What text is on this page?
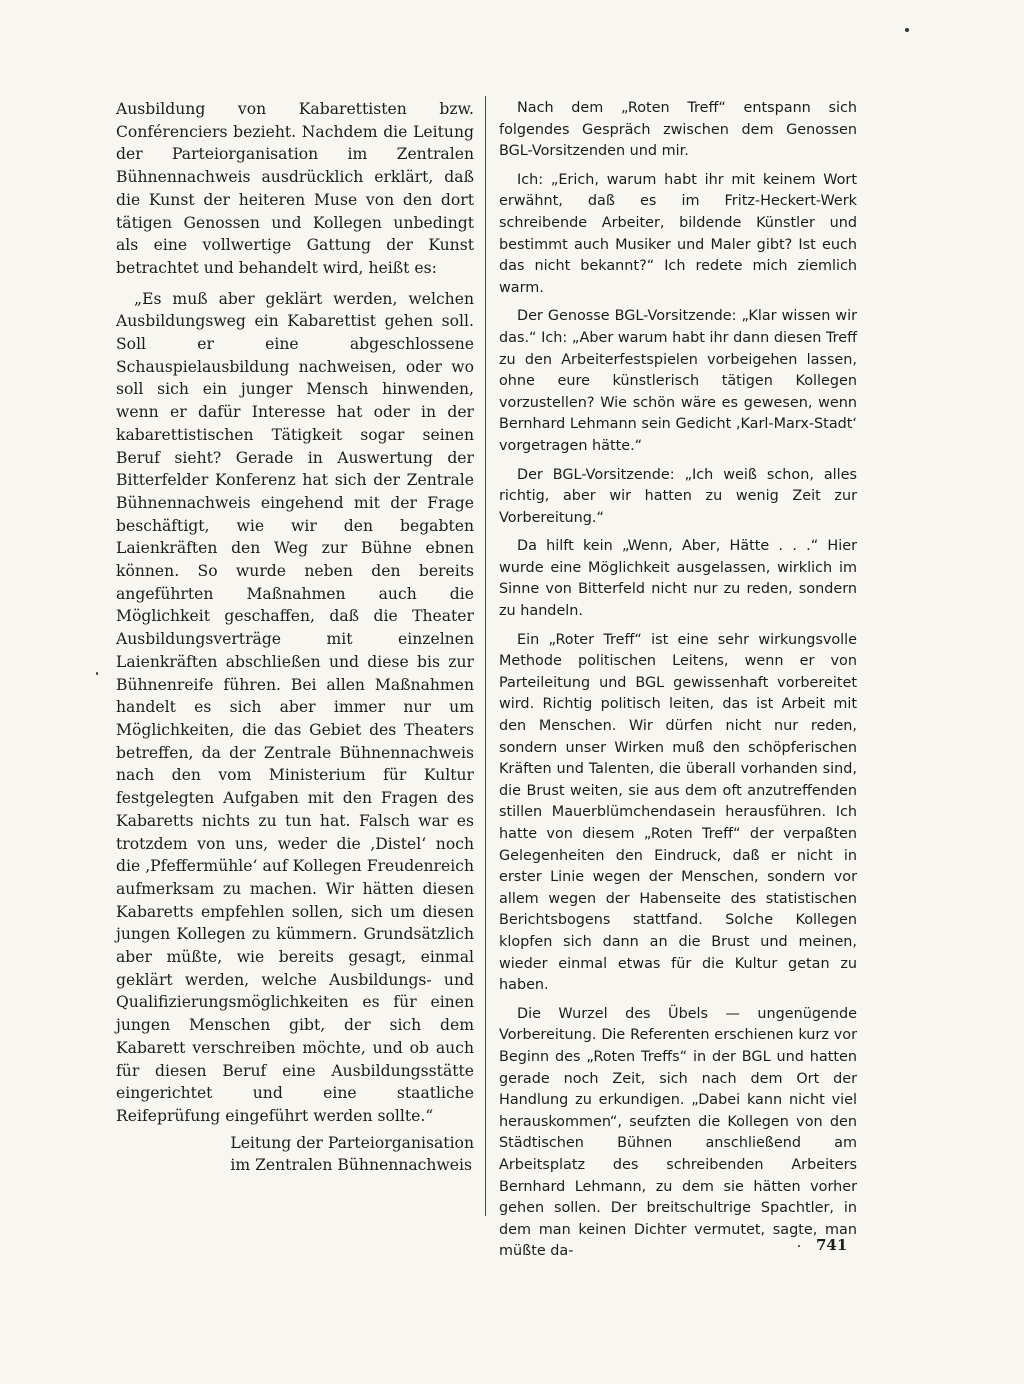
Ausbildung von Kabarettisten bzw. Conférenciers bezieht. Nachdem die Leitung der Parteiorganisation im Zentralen Bühnennachweis ausdrücklich erklärt, daß die Kunst der heiteren Muse von den dort tätigen Genossen und Kollegen unbedingt als eine vollwertige Gattung der Kunst betrachtet und behandelt wird, heißt es:

„Es muß aber geklärt werden, welchen Ausbildungsweg ein Kabarettist gehen soll. Soll er eine abgeschlossene Schauspielausbildung nachweisen, oder wo soll sich ein junger Mensch hinwenden, wenn er dafür Interesse hat oder in der kabarettistischen Tätigkeit sogar seinen Beruf sieht? Gerade in Auswertung der Bitterfelder Konferenz hat sich der Zentrale Bühnennachweis eingehend mit der Frage beschäftigt, wie wir den begabten Laienkräften den Weg zur Bühne ebnen können. So wurde neben den bereits angeführten Maßnahmen auch die Möglichkeit geschaffen, daß die Theater Ausbildungsverträge mit einzelnen Laienkräften abschließen und diese bis zur Bühnenreife führen. Bei allen Maßnahmen handelt es sich aber immer nur um Möglichkeiten, die das Gebiet des Theaters betreffen, da der Zentrale Bühnennachweis nach den vom Ministerium für Kultur festgelegten Aufgaben mit den Fragen des Kabaretts nichts zu tun hat. Falsch war es trotzdem von uns, weder die ‚Distel‘ noch die ‚Pfeffermühle‘ auf Kollegen Freudenreich aufmerksam zu machen. Wir hätten diesen Kabaretts empfehlen sollen, sich um diesen jungen Kollegen zu kümmern. Grundsätzlich aber müßte, wie bereits gesagt, einmal geklärt werden, welche Ausbildungs- und Qualifizierungsmöglichkeiten es für einen jungen Menschen gibt, der sich dem Kabarett verschreiben möchte, und ob auch für diesen Beruf eine Ausbildungsstätte eingerichtet und eine staatliche Reifeprüfung eingeführt werden sollte.“

Leitung der Parteiorganisation
im Zentralen Bühnennachweis

Nach dem „Roten Treff“ entspann sich folgendes Gespräch zwischen dem Genossen BGL-Vorsitzenden und mir.

Ich: „Erich, warum habt ihr mit keinem Wort erwähnt, daß es im Fritz-Heckert-Werk schreibende Arbeiter, bildende Künstler und bestimmt auch Musiker und Maler gibt? Ist euch das nicht bekannt?“ Ich redete mich ziemlich warm.

Der Genosse BGL-Vorsitzende: „Klar wissen wir das.“ Ich: „Aber warum habt ihr dann diesen Treff zu den Arbeiterfestspielen vorbeigehen lassen, ohne eure künstlerisch tätigen Kollegen vorzustellen? Wie schön wäre es gewesen, wenn Bernhard Lehmann sein Gedicht ‚Karl-Marx-Stadt‘ vorgetragen hätte.“

Der BGL-Vorsitzende: „Ich weiß schon, alles richtig, aber wir hatten zu wenig Zeit zur Vorbereitung.“

Da hilft kein „Wenn, Aber, Hätte . . .“ Hier wurde eine Möglichkeit ausgelassen, wirklich im Sinne von Bitterfeld nicht nur zu reden, sondern zu handeln.

Ein „Roter Treff“ ist eine sehr wirkungsvolle Methode politischen Leitens, wenn er von Parteileitung und BGL gewissenhaft vorbereitet wird. Richtig politisch leiten, das ist Arbeit mit den Menschen. Wir dürfen nicht nur reden, sondern unser Wirken muß den schöpferischen Kräften und Talenten, die überall vorhanden sind, die Brust weiten, sie aus dem oft anzutreffenden stillen Mauerblümchendasein herausführen. Ich hatte von diesem „Roten Treff“ der verpaßten Gelegenheiten den Eindruck, daß er nicht in erster Linie wegen der Menschen, sondern vor allem wegen der Habenseite des statistischen Berichtsbogens stattfand. Solche Kollegen klopfen sich dann an die Brust und meinen, wieder einmal etwas für die Kultur getan zu haben.

Die Wurzel des Übels — ungenügende Vorbereitung. Die Referenten erschienen kurz vor Beginn des „Roten Treffs“ in der BGL und hatten gerade noch Zeit, sich nach dem Ort der Handlung zu erkundigen. „Dabei kann nicht viel herauskommen“, seufzten die Kollegen von den Städtischen Bühnen anschließend am Arbeitsplatz des schreibenden Arbeiters Bernhard Lehmann, zu dem sie hätten vorher gehen sollen. Der breitschultrige Spachtler, in dem man keinen Dichter vermutet, sagte, man müßte da-	741
